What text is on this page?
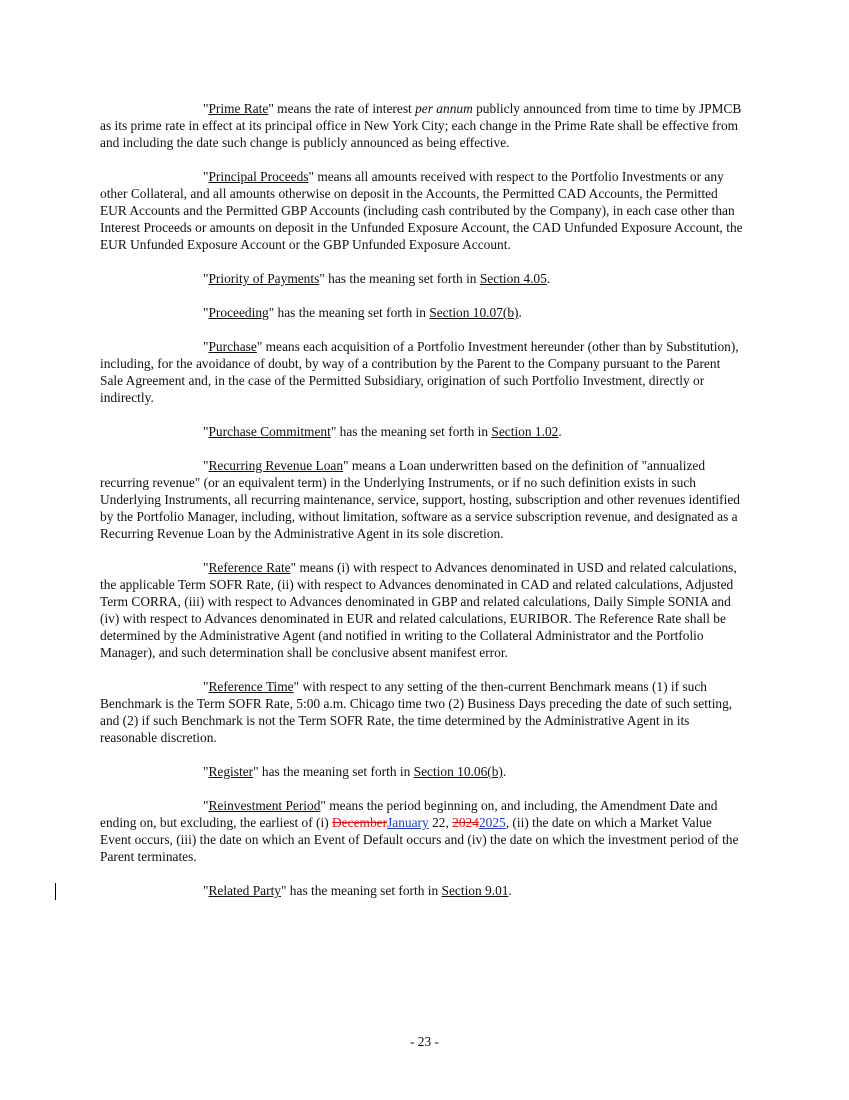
"Prime Rate" means the rate of interest per annum publicly announced from time to time by JPMCB as its prime rate in effect at its principal office in New York City; each change in the Prime Rate shall be effective from and including the date such change is publicly announced as being effective.

"Principal Proceeds" means all amounts received with respect to the Portfolio Investments or any other Collateral, and all amounts otherwise on deposit in the Accounts, the Permitted CAD Accounts, the Permitted EUR Accounts and the Permitted GBP Accounts (including cash contributed by the Company), in each case other than Interest Proceeds or amounts on deposit in the Unfunded Exposure Account, the CAD Unfunded Exposure Account, the EUR Unfunded Exposure Account or the GBP Unfunded Exposure Account.

"Priority of Payments" has the meaning set forth in Section 4.05.

"Proceeding" has the meaning set forth in Section 10.07(b).

"Purchase" means each acquisition of a Portfolio Investment hereunder (other than by Substitution), including, for the avoidance of doubt, by way of a contribution by the Parent to the Company pursuant to the Parent Sale Agreement and, in the case of the Permitted Subsidiary, origination of such Portfolio Investment, directly or indirectly.

"Purchase Commitment" has the meaning set forth in Section 1.02.

"Recurring Revenue Loan" means a Loan underwritten based on the definition of "annualized recurring revenue" (or an equivalent term) in the Underlying Instruments, or if no such definition exists in such Underlying Instruments, all recurring maintenance, service, support, hosting, subscription and other revenues identified by the Portfolio Manager, including, without limitation, software as a service subscription revenue, and designated as a Recurring Revenue Loan by the Administrative Agent in its sole discretion.

"Reference Rate" means (i) with respect to Advances denominated in USD and related calculations, the applicable Term SOFR Rate, (ii) with respect to Advances denominated in CAD and related calculations, Adjusted Term CORRA, (iii) with respect to Advances denominated in GBP and related calculations, Daily Simple SONIA and (iv) with respect to Advances denominated in EUR and related calculations, EURIBOR. The Reference Rate shall be determined by the Administrative Agent (and notified in writing to the Collateral Administrator and the Portfolio Manager), and such determination shall be conclusive absent manifest error.

"Reference Time" with respect to any setting of the then-current Benchmark means (1) if such Benchmark is the Term SOFR Rate, 5:00 a.m. Chicago time two (2) Business Days preceding the date of such setting, and (2) if such Benchmark is not the Term SOFR Rate, the time determined by the Administrative Agent in its reasonable discretion.

"Register" has the meaning set forth in Section 10.06(b).

"Reinvestment Period" means the period beginning on, and including, the Amendment Date and ending on, but excluding, the earliest of (i) DecemberJanuary 22, 20242025, (ii) the date on which a Market Value Event occurs, (iii) the date on which an Event of Default occurs and (iv) the date on which the investment period of the Parent terminates.

"Related Party" has the meaning set forth in Section 9.01.

- 23 -
